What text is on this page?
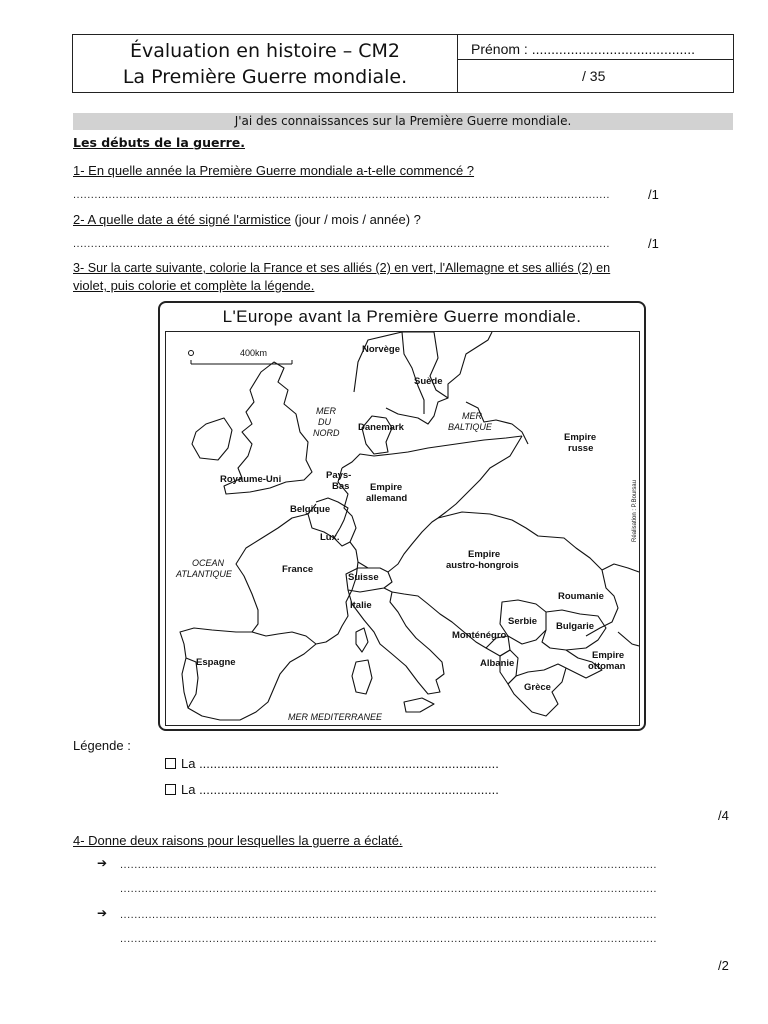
Évaluation en histoire – CM2
La Première Guerre mondiale.
Prénom : ..........................................
/ 35
J'ai des connaissances sur la Première Guerre mondiale.
Les débuts de la guerre.
1- En quelle année la Première Guerre mondiale a-t-elle commencé ?
.......................................................................................................................................................	/1
2- A quelle date a été signé l'armistice (jour / mois / année) ?
.......................................................................................................................................................	/1
3- Sur la carte suivante, colorie la France et ses alliés (2) en vert, l'Allemagne et ses alliés (2) en
violet, puis colorie et complète la légende.
L'Europe avant la Première Guerre mondiale.
400km	Norvège
Suède
MER
DU
NORD
MER
BALTIQUE
Danemark
Empire
russe
Royaume-Uni	Pays-
Bas Empire
allemand
Belgique
Lux.
OCEAN
ATLANTIQUE	France
Suisse
Empire
austro-hongrois
Roumanie
Italie
Serbie Bulgarie
Monténégro
Albanie
Espagne
Grèce
Empire
ottoman
MER MEDITERRANEE
Réalisation : P.Boursau
Légende :
La ...................................................................................
La ...................................................................................
/4
4- Donne deux raisons pour lesquelles la guerre a éclaté.
➔ .......................................................................................................................................................
.......................................................................................................................................................
➔ .......................................................................................................................................................
.......................................................................................................................................................
/2
